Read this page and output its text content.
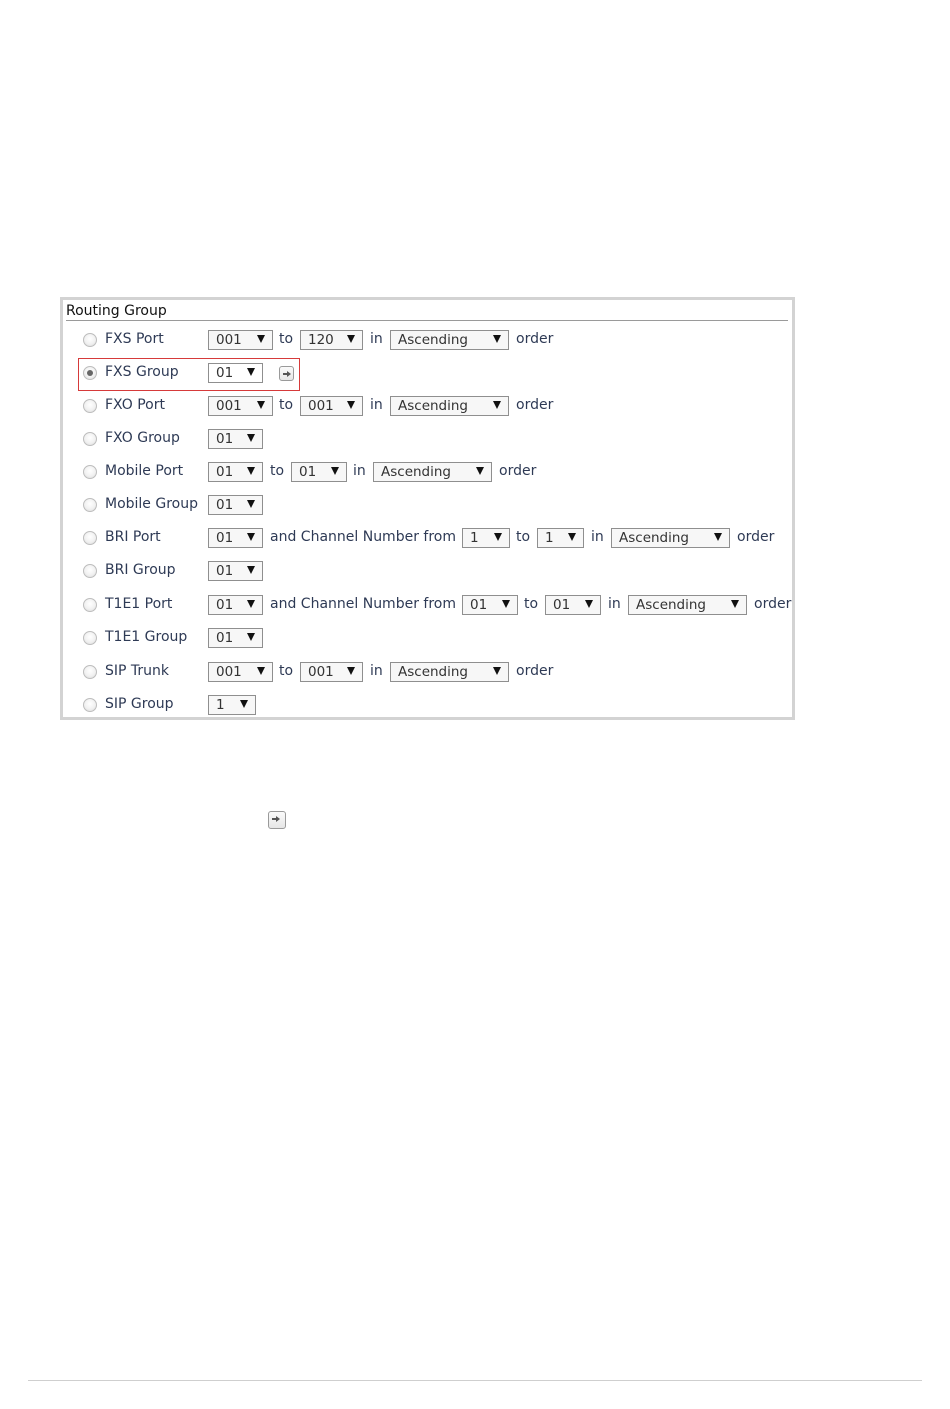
Routing Group
FXS Port	001	to 120	in Ascending	order
FXS Group	01
FXO Port	001	to 001	in Ascending	order
FXO Group	01
Mobile Port 01	to 01	in Ascending	order
Mobile Group 01
BRI Port	01	and Channel Number from 1	to 1	in Ascending	order
BRI Group	01
T1E1 Port	01	and Channel Number from 01	to 01	in Ascending	order
T1E1 Group 01
SIP Trunk	001	to 001	in Ascending	order
SIP Group	1
